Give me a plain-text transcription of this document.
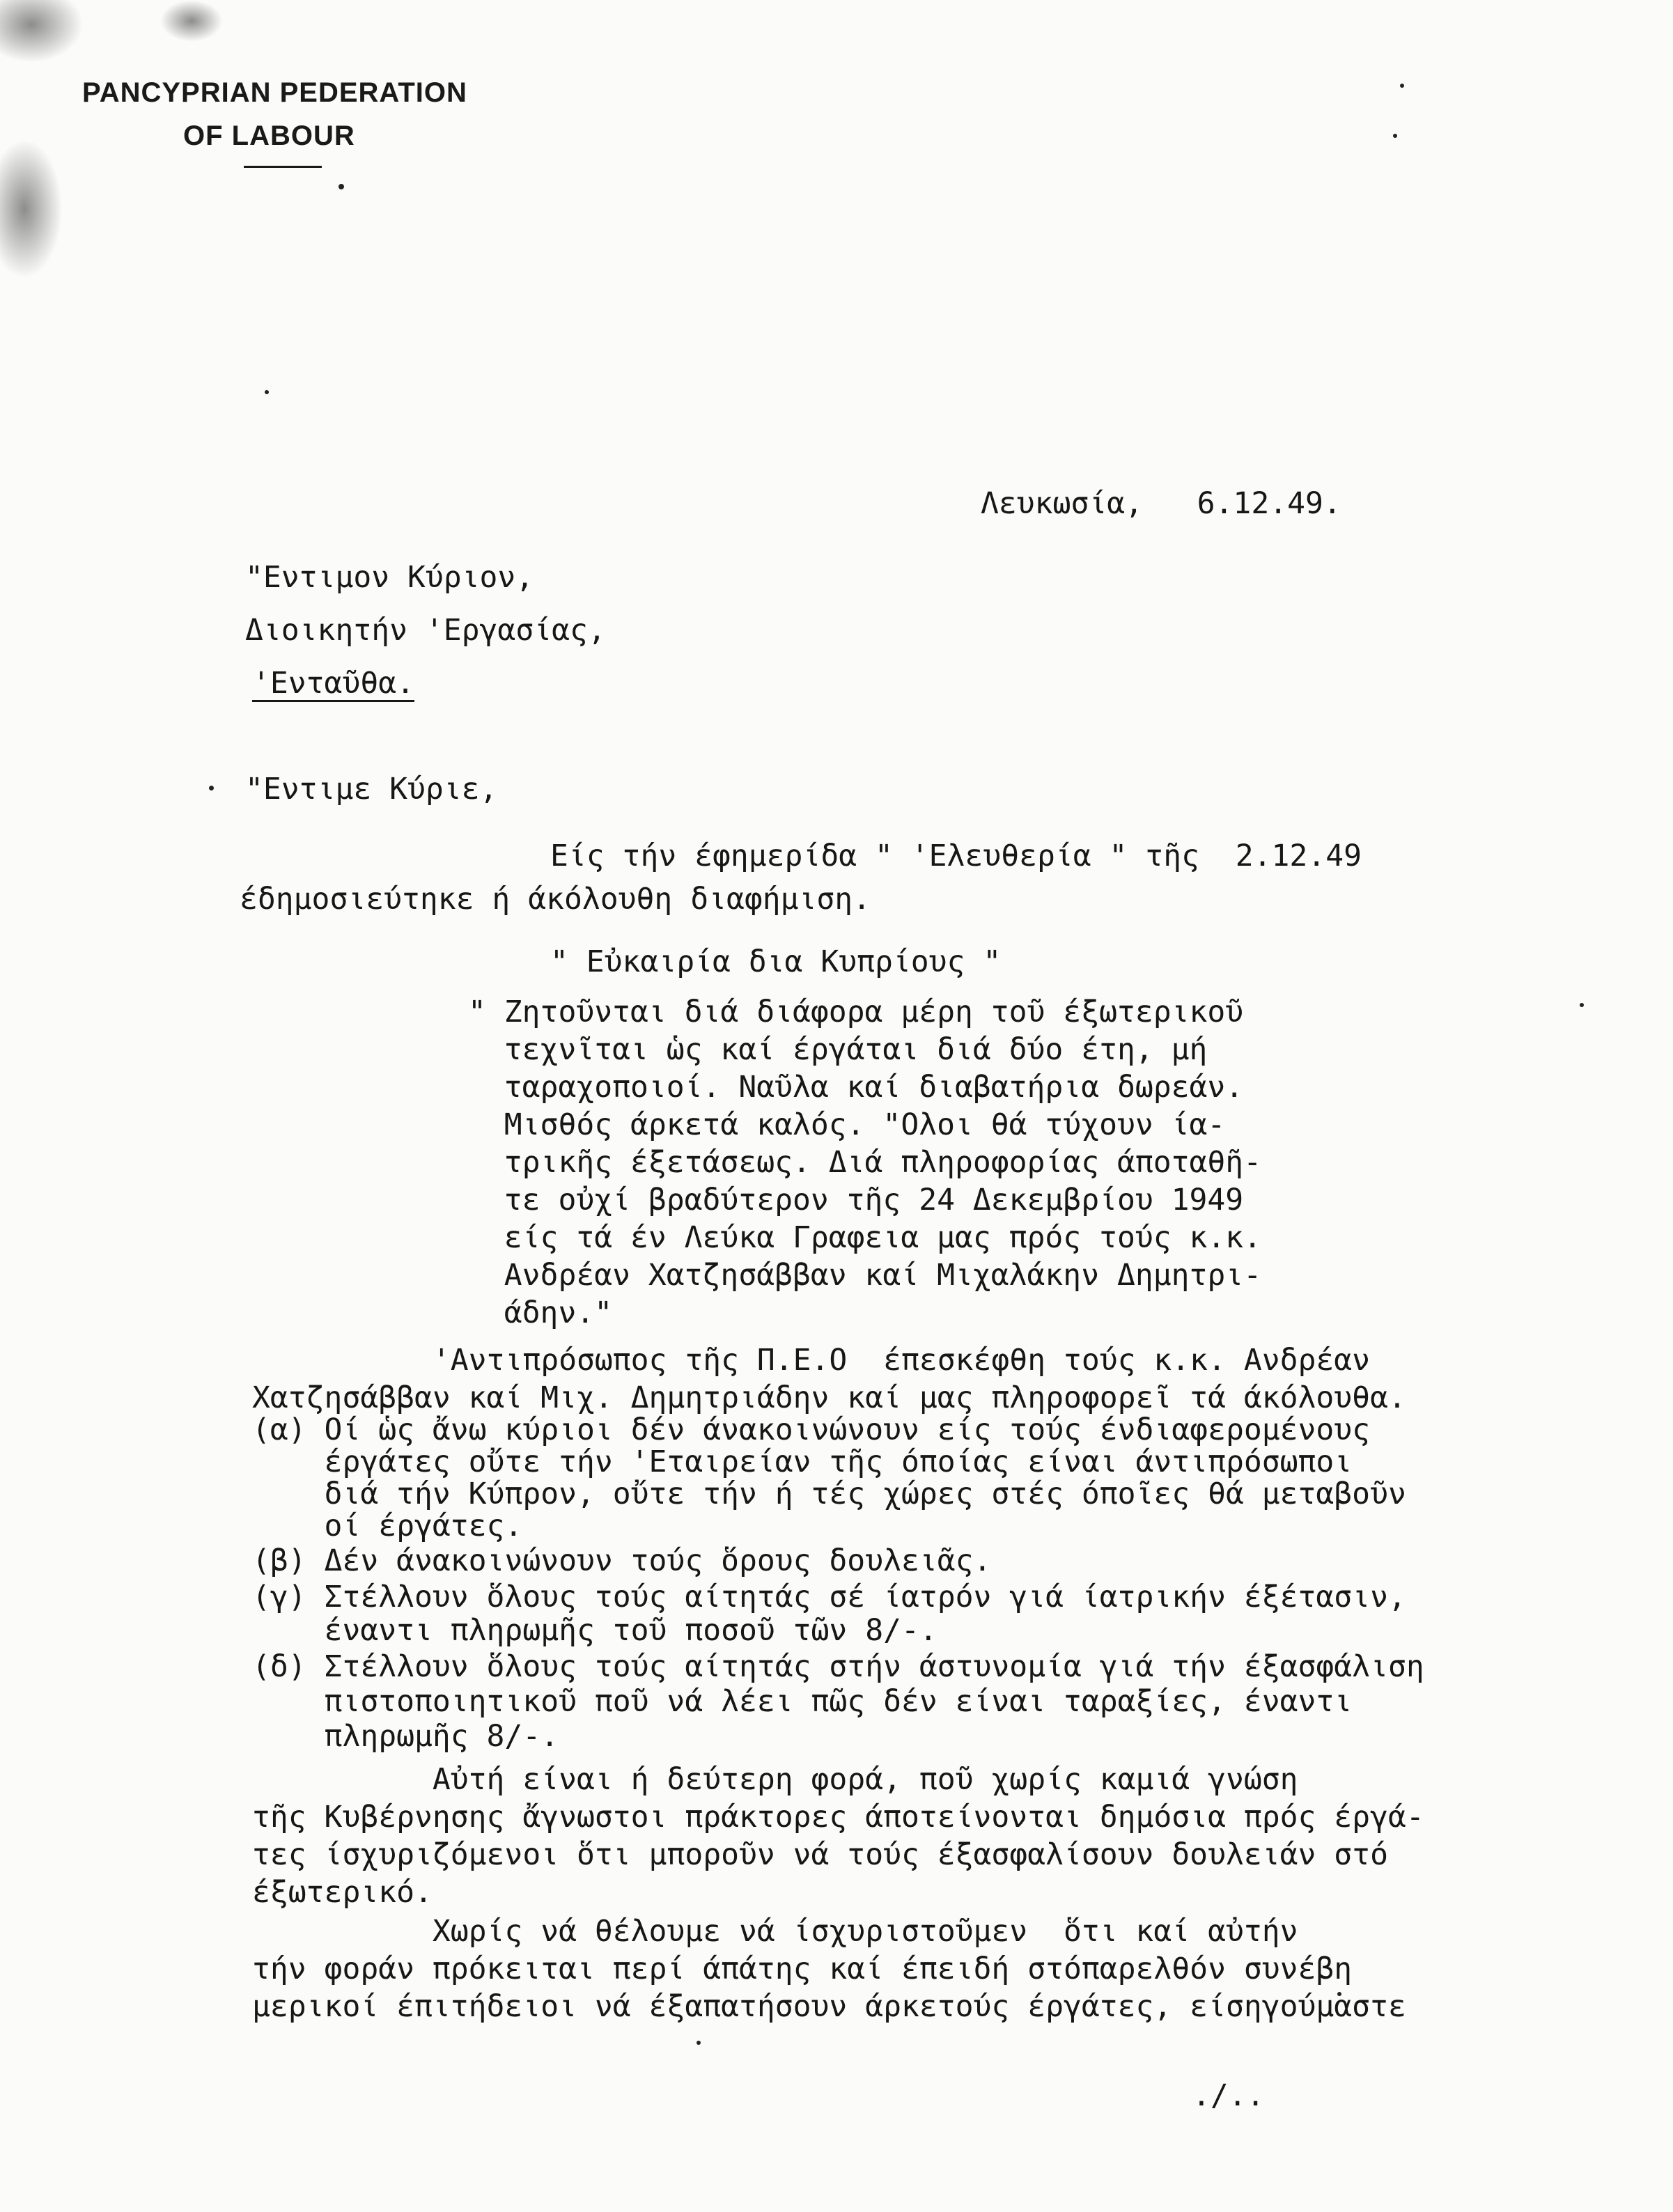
PANCYPRIAN PEDERATION
OF LABOUR
Λευκωσία,   6.12.49.
"Εντιμον Κύριον,
Διοικητήν 'Εργασίας,
'Ενταῦθα.
"Εντιμε Κύριε,
Είς τήν έφημερίδα " 'Ελευθερία " τῆς  2.12.49
έδημοσιεύτηκε ή άκόλουθη διαφήμιση.
" Εὐκαιρία δια Κυπρίους "
" Ζητοῦνται διά διάφορα μέρη τοῦ έξωτερικοῦ
τεχνῖται ὡς καί έργάται διά δύο έτη, μή
ταραχοποιοί. Ναῦλα καί διαβατήρια δωρεάν.
Μισθός άρκετά καλός. "Ολοι θά τύχουν ία-
τρικῆς έξετάσεως. Διά πληροφορίας άποταθῆ-
τε οὐχί βραδύτερον τῆς 24 Δεκεμβρίου 1949
είς τά έν Λεύκα Γραφεια μας πρός τούς κ.κ.
Ανδρέαν Χατζησάββαν καί Μιχαλάκην Δημητρι-
άδην."
'Αντιπρόσωπος τῆς Π.Ε.Ο  έπεσκέφθη τούς κ.κ. Ανδρέαν
Χατζησάββαν καί Μιχ. Δημητριάδην καί μας πληροφορεῖ τά άκόλουθα.
(α) Οί ὡς ἄνω κύριοι δέν άνακοινώνουν είς τούς ένδιαφερομένους
έργάτες οὔτε τήν 'Εταιρείαν τῆς όποίας είναι άντιπρόσωποι
διά τήν Κύπρον, οὔτε τήν ή τές χώρες στές όποῖες θά μεταβοῦν
οί έργάτες.
(β) Δέν άνακοινώνουν τούς ὅρους δουλειᾶς.
(γ) Στέλλουν ὅλους τούς αίτητάς σέ ίατρόν γιά ίατρικήν έξέτασιν,
έναντι πληρωμῆς τοῦ ποσοῦ τῶν 8/-.
(δ) Στέλλουν ὅλους τούς αίτητάς στήν άστυνομία γιά τήν έξασφάλιση
πιστοποιητικοῦ ποῦ νά λέει πῶς δέν είναι ταραξίες, έναντι
πληρωμῆς 8/-.
Αὐτή είναι ή δεύτερη φορά, ποῦ χωρίς καμιά γνώση
τῆς Κυβέρνησης ἄγνωστοι πράκτορες άποτείνονται δημόσια πρός έργά-
τες ίσχυριζόμενοι ὅτι μποροῦν νά τούς έξασφαλίσουν δουλειάν στό
έξωτερικό.
Χωρίς νά θέλουμε νά ίσχυριστοῦμεν  ὅτι καί αὐτήν
τήν φοράν πρόκειται περί άπάτης καί έπειδή στόπαρελθόν συνέβη
μερικοί έπιτήδειοι νά έξαπατήσουν άρκετούς έργάτες, είσηγούμαστε
./..
